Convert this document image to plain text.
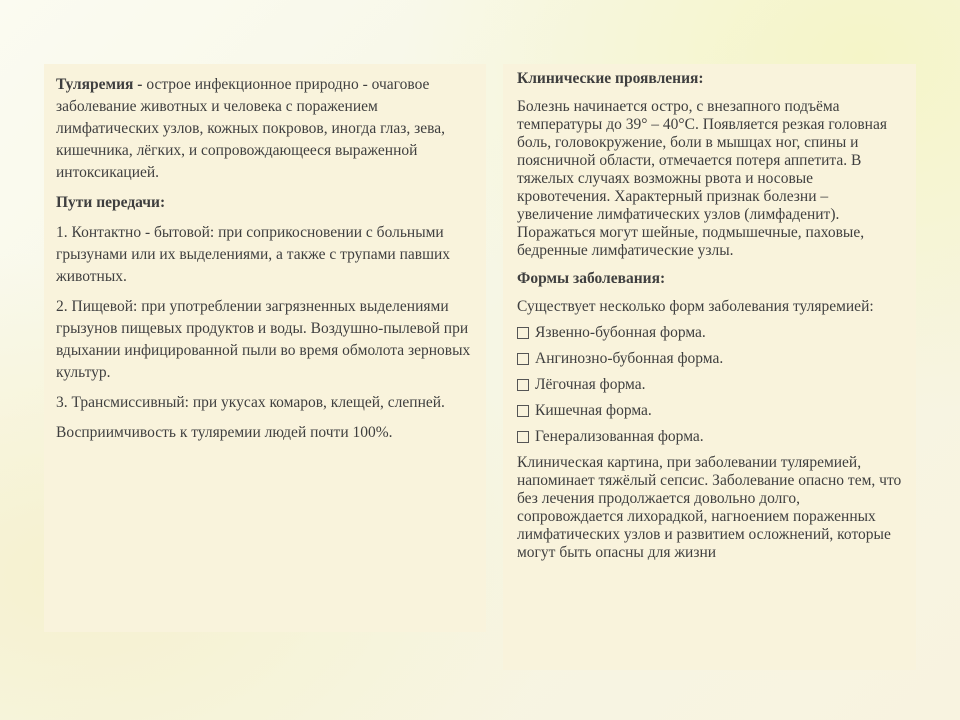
Туляремия - острое инфекционное природно - очаговое заболевание животных и человека с поражением лимфатических узлов, кожных покровов, иногда глаз, зева, кишечника, лёгких, и сопровождающееся выраженной интоксикацией.

Пути передачи:

1. Контактно - бытовой: при соприкосновении с больными грызунами или их выделениями, а также с трупами павших животных.

2. Пищевой: при употреблении загрязненных выделениями грызунов пищевых продуктов и воды. Воздушно-пылевой при вдыхании инфицированной пыли во время обмолота зерновых культур.

3. Трансмиссивный: при укусах комаров, клещей, слепней.

Восприимчивость к туляремии людей почти 100%.

Клинические проявления:

Болезнь начинается остро, с внезапного подъёма температуры до 39° – 40°C. Появляется резкая головная боль, головокружение, боли в мышцах ног, спины и поясничной области, отмечается потеря аппетита. В тяжелых случаях возможны рвота и носовые кровотечения. Характерный признак болезни – увеличение лимфатических узлов (лимфаденит). Поражаться могут шейные, подмышечные, паховые, бедренные лимфатические узлы.

Формы заболевания:

Существует несколько форм заболевания туляремией:

Язвенно-бубонная форма.
Ангинозно-бубонная форма.
Лёгочная форма.
Кишечная форма.
Генерализованная форма.

Клиническая картина, при заболевании туляремией, напоминает тяжёлый сепсис. Заболевание опасно тем, что без лечения продолжается довольно долго, сопровождается лихорадкой, нагноением пораженных лимфатических узлов и развитием осложнений, которые могут быть опасны для жизни
